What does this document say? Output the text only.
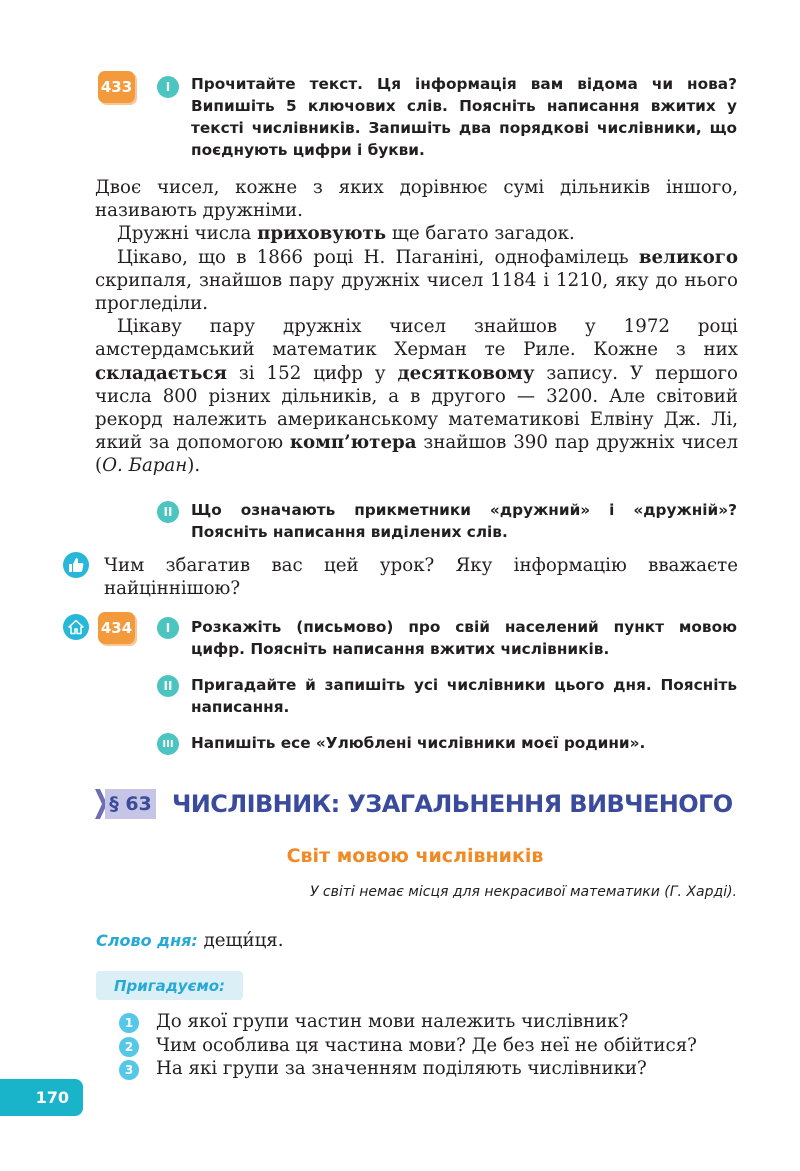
433	I Прочитайте текст. Ця інформація вам відома чи нова? Випишіть 5 ключових слів. Поясніть написання вжитих у тексті числівників. Запишіть два порядкові числівники, що поєднують цифри і букви.

Двоє чисел, кожне з яких дорівнює сумі дільників іншого, називають дружніми.

Дружні числа приховують ще багато загадок.

Цікаво, що в 1866 році Н. Паганіні, однофамілець великого скрипаля, знайшов пару дружніх чисел 1184 і 1210, яку до нього прогледіли.

Цікаву пару дружніх чисел знайшов у 1972 році амстердамський математик Херман те Риле. Кожне з них складається зі 152 цифр у десятковому запису. У першого числа 800 різних дільників, а в другого — 3200. Але світовий рекорд належить американському математикові Елвіну Дж. Лі, який за допомогою комп’ютера знайшов 390 пар дружніх чисел (О. Баран).

II Що означають прикметники «дружний» і «дружній»? Поясніть написання виділених слів.

Чим збагатив вас цей урок? Яку інформацію вважаєте найціннішою?

434	I Розкажіть (письмово) про свій населений пункт мовою цифр. Поясніть написання вжитих числівників.

II Пригадайте й запишіть усі числівники цього дня. Поясніть написання.

III Напишіть есе «Улюблені числівники моєї родини».

§ 63 ЧИСЛІВНИК: УЗАГАЛЬНЕННЯ ВИВЧЕНОГО
Світ мовою числівників
У світі немає місця для некрасивої математики (Г. Харді).
Слово дня: дещи́ця.
Пригадуємо:
1 До якої групи частин мови належить числівник?

2 Чим особлива ця частина мови? Де без неї не обійтися?

3 На які групи за значенням поділяють числівники?

170
